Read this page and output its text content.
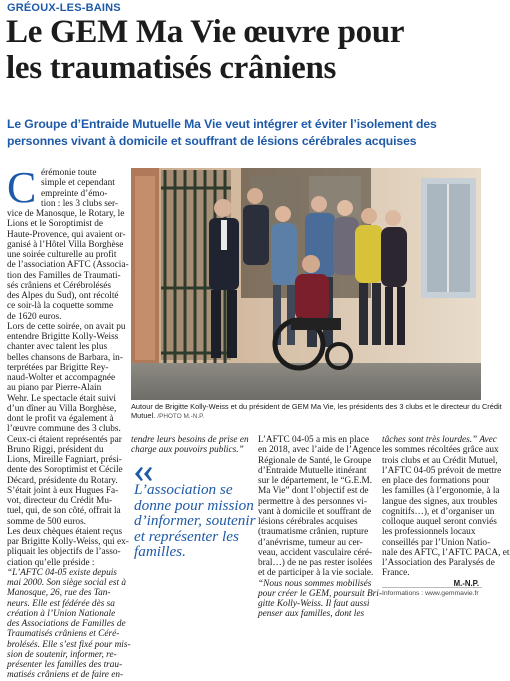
GRÉOUX-LES-BAINS
Le GEM Ma Vie œuvre pour
les traumatisés crâniens
Le Groupe d’Entraide Mutuelle Ma Vie veut intégrer et éviter l’isolement des
personnes vivant à domicile et souffrant de lésions cérébrales acquises
C érémonie toute
simple et cependant
empreinte d’émo-
tion : les 3 clubs ser-
vice de Manosque, le Rotary, le
Lions et le Soroptimist de
Haute-Provence, qui avaient or-
ganisé à l’Hôtel Villa Borghèse
une soirée culturelle au profit
de l’association AFTC (Associa-
tion des Familles de Traumati-
sés crâniens et Cérébrolésés
des Alpes du Sud), ont récolté
ce soir-là la coquette somme
de 1620 euros.
Lors de cette soirée, on avait pu
entendre Brigitte Kolly-Weiss
chanter avec talent les plus
belles chansons de Barbara, in-
terprétées par Brigitte Rey-
naud-Wolter et accompagnée
au piano par Pierre-Alain
Wehr. Le spectacle était suivi
d’un dîner au Villa Borghèse,
dont le profit va également à
l’œuvre commune des 3 clubs.
Ceux-ci étaient représentés par
Bruno Riggi, président du
Lions, Mireille Fagniart, prési-
dente des Soroptimist et Cécile
Décard, présidente du Rotary.
S’était joint à eux Hugues Fa-
vot, directeur du Crédit Mu-
tuel, qui, de son côté, offrait la
somme de 500 euros.
Les deux chèques étaient reçus
par Brigitte Kolly-Weiss, qui ex-
pliquait les objectifs de l’asso-
ciation qu’elle préside :
“L’AFTC 04-05 existe depuis
mai 2000. Son siège social est à
Manosque, 26, rue des Tan-
neurs. Elle est fédérée dès sa
création à l’Union Nationale
des Associations de Familles de
Traumatisés crâniens et Céré-
brolésés. Elle s’est fixé pour mis-
sion de soutenir, informer, re-
présenter les familles des trau-
matisés crâniens et de faire en-
Autour de Brigitte Kolly-Weiss et du président de GEM Ma Vie, les présidents des 3 clubs et le directeur du Crédit
Mutuel. /PHOTO M.-N.P.
tendre leurs besoins de prise en
charge aux pouvoirs publics.”
L’association se
donne pour mission
d’informer, soutenir
et représenter les
familles.
L’AFTC 04-05 a mis en place
en 2018, avec l’aide de l’Agence
Régionale de Santé, le Groupe
d’Entraide Mutuelle itinérant
sur le département, le “G.E.M.
Ma Vie” dont l’objectif est de
permettre à des personnes vi-
vant à domicile et souffrant de
lésions cérébrales acquises
(traumatisme crânien, rupture
d’anévrisme, tumeur au cer-
veau, accident vasculaire céré-
bral…) de ne pas rester isolées
et de participer à la vie sociale.
“Nous nous sommes mobilisés
pour créer le GEM, poursuit Bri-
gitte Kolly-Weiss. Il faut aussi
penser aux familles, dont les
tâches sont très lourdes.” Avec
les sommes récoltées grâce aux
trois clubs et au Crédit Mutuel,
l’AFTC 04-05 prévoit de mettre
en place des formations pour
les familles (à l’ergonomie, à la
langue des signes, aux troubles
cognitifs…), et d’organiser un
colloque auquel seront conviés
les professionnels locaux
conseillés par l’Union Natio-
nale des AFTC, l’AFTC PACA, et
l’Association des Paralysés de
France.
M.-N.P.
Informations : www.gemmavie.fr
